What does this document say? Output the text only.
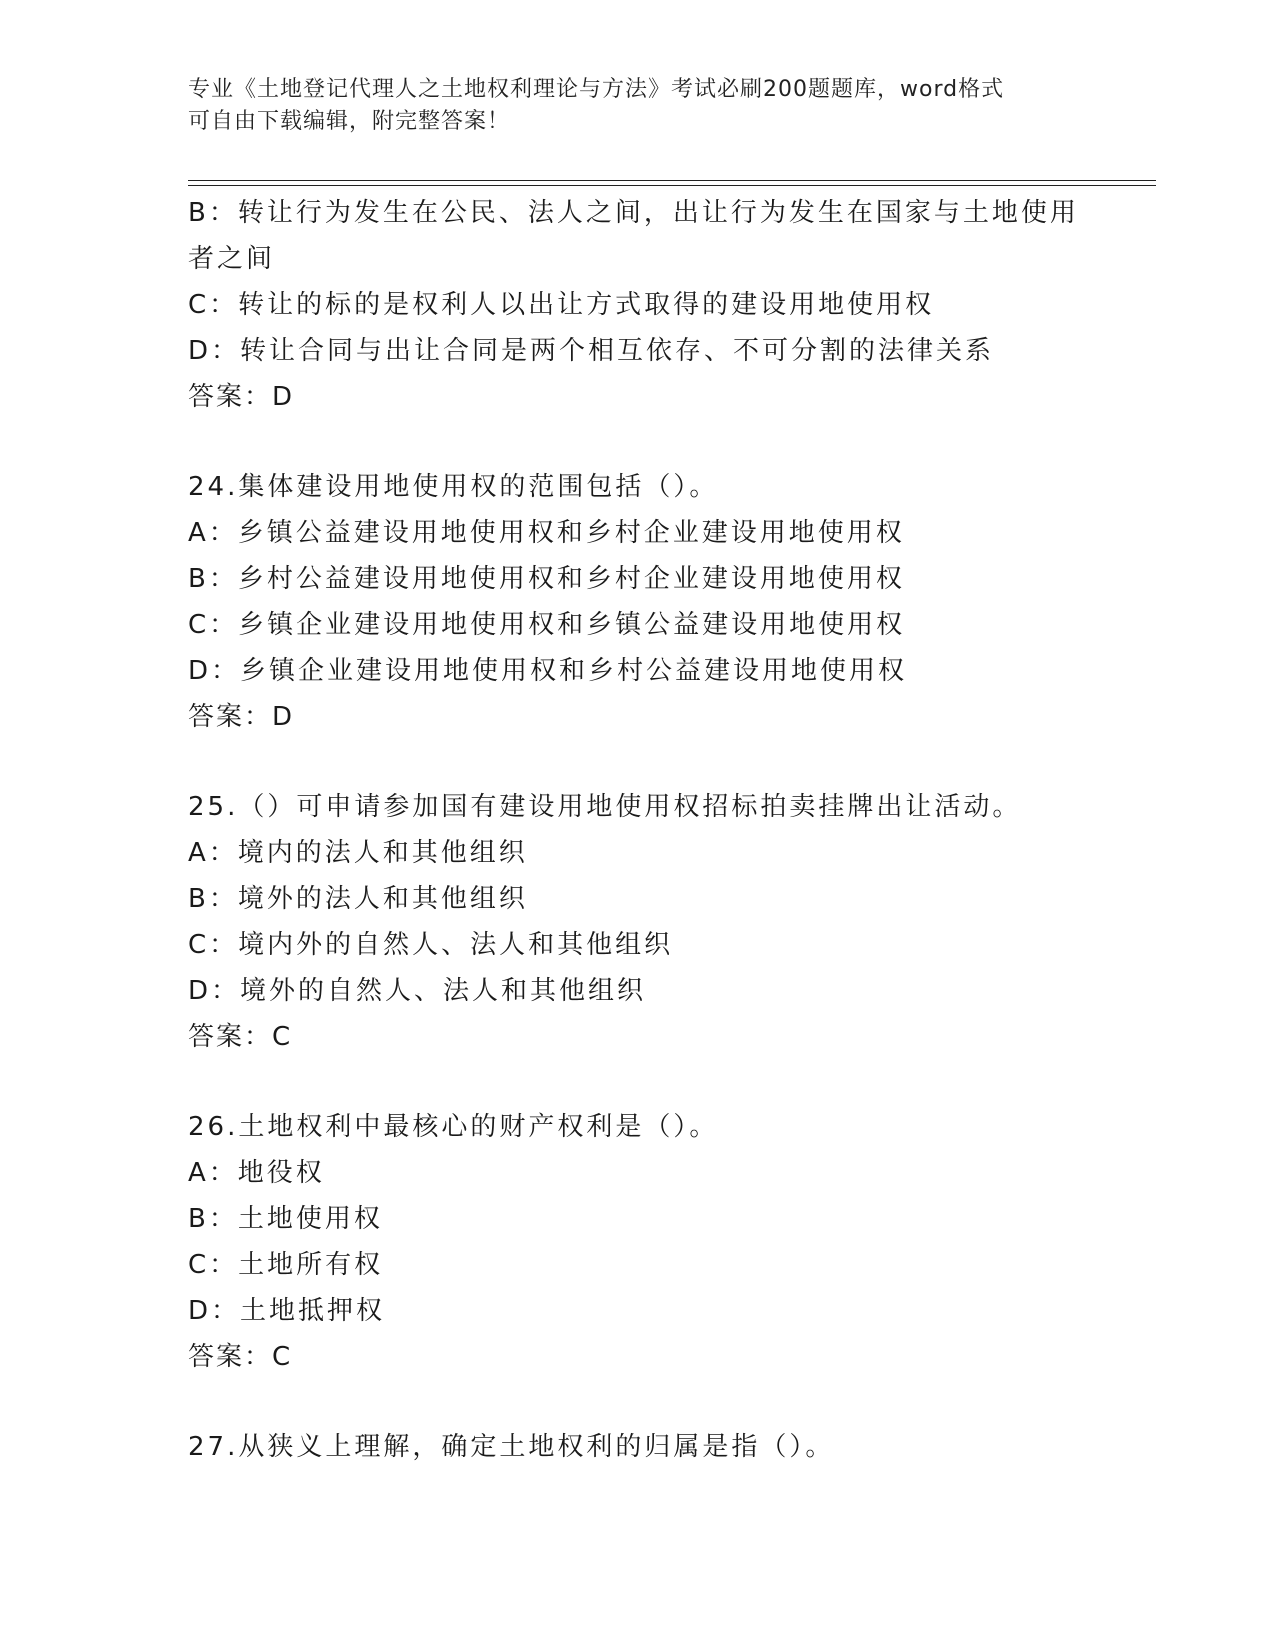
专业《土地登记代理人之土地权利理论与方法》考试必刷200题题库，word格式
可自由下载编辑，附完整答案！
B：转让行为发生在公民、法人之间，出让行为发生在国家与土地使用
者之间
C：转让的标的是权利人以出让方式取得的建设用地使用权
D：转让合同与出让合同是两个相互依存、不可分割的法律关系
答案：D
24.集体建设用地使用权的范围包括（）。
A：乡镇公益建设用地使用权和乡村企业建设用地使用权
B：乡村公益建设用地使用权和乡村企业建设用地使用权
C：乡镇企业建设用地使用权和乡镇公益建设用地使用权
D：乡镇企业建设用地使用权和乡村公益建设用地使用权
答案：D
25.（）可申请参加国有建设用地使用权招标拍卖挂牌出让活动。
A：境内的法人和其他组织
B：境外的法人和其他组织
C：境内外的自然人、法人和其他组织
D：境外的自然人、法人和其他组织
答案：C
26.土地权利中最核心的财产权利是（）。
A：地役权
B：土地使用权
C：土地所有权
D：土地抵押权
答案：C
27.从狭义上理解，确定土地权利的归属是指（）。
